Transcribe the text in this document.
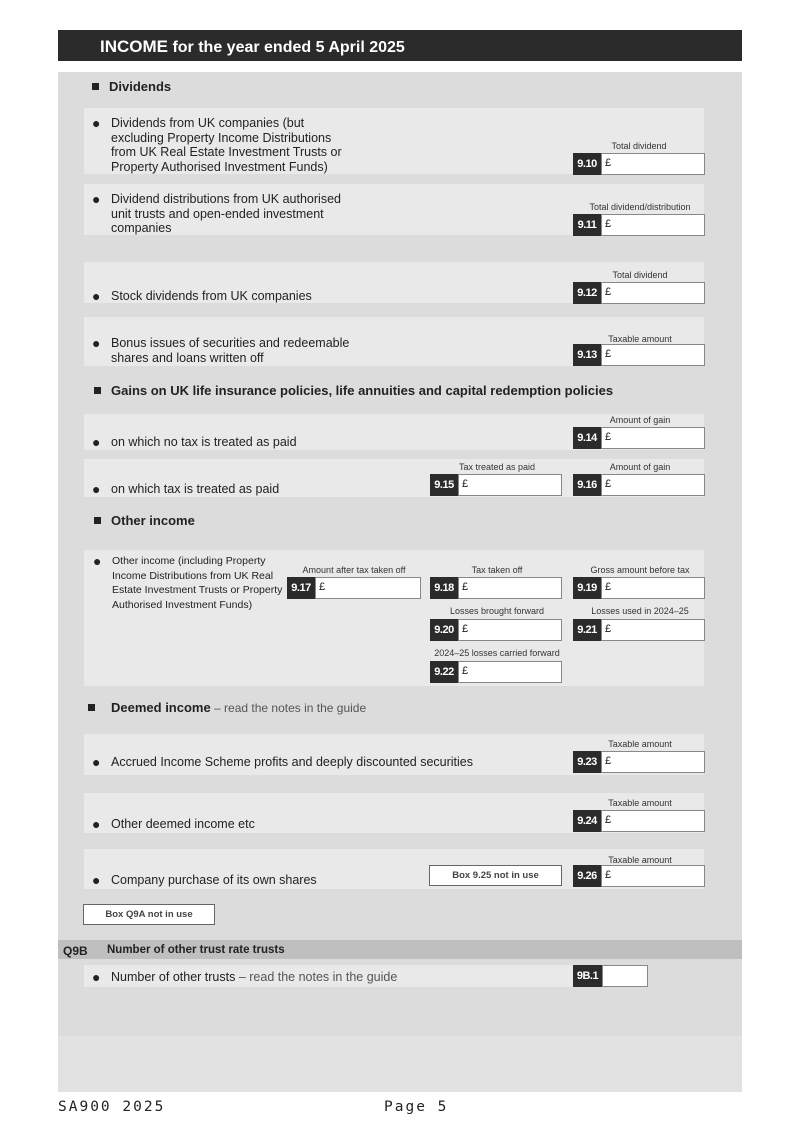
INCOME for the year ended 5 April 2025
Dividends
● Dividends from UK companies (but excluding Property Income Distributions from UK Real Estate Investment Trusts or Property Authorised Investment Funds)
Total dividend
9.10 £
● Dividend distributions from UK authorised unit trusts and open-ended investment companies
Total dividend/distribution
9.11 £
● Stock dividends from UK companies
Total dividend
9.12 £
● Bonus issues of securities and redeemable shares and loans written off
Taxable amount
9.13 £
Gains on UK life insurance policies, life annuities and capital redemption policies
● on which no tax is treated as paid
Amount of gain
9.14 £
● on which tax is treated as paid
Tax treated as paid
9.15 £
Amount of gain
9.16 £
Other income
● Other income (including Property Income Distributions from UK Real Estate Investment Trusts or Property Authorised Investment Funds)
Amount after tax taken off
9.17 £
Tax taken off
9.18 £
Gross amount before tax
9.19 £
Losses brought forward
9.20 £
Losses used in 2024–25
9.21 £
2024–25 losses carried forward
9.22 £
Deemed income – read the notes in the guide
● Accrued Income Scheme profits and deeply discounted securities
Taxable amount
9.23 £
● Other deemed income etc
Taxable amount
9.24 £
● Company purchase of its own shares	Box 9.25 not in use
Taxable amount
9.26 £
Box Q9A not in use
Q9B Number of other trust rate trusts
● Number of other trusts – read the notes in the guide	9B.1
SA900 2025	Page 5
